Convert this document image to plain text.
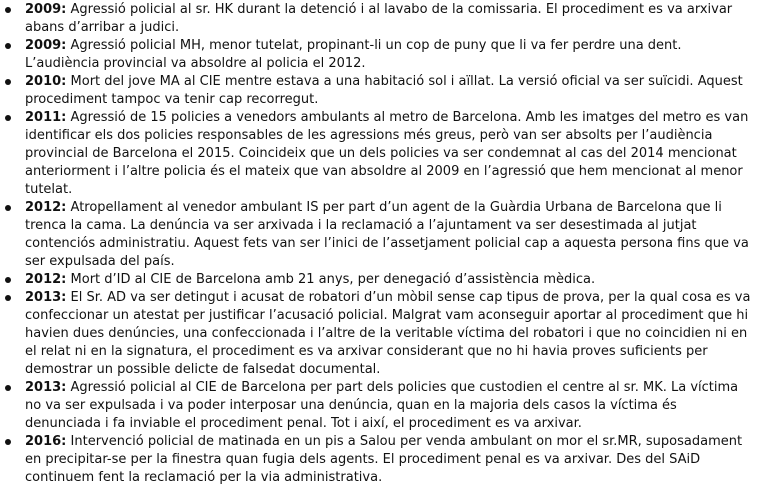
2009: Agressió policial al sr. HK durant la detenció i al lavabo de la comissaria. El procediment es va arxivar abans d’arribar a judici.
2009: Agressió policial MH, menor tutelat, propinant-li un cop de puny que li va fer perdre una dent. L’audiència provincial va absoldre al policia el 2012.
2010: Mort del jove MA al CIE mentre estava a una habitació sol i aïllat. La versió oficial va ser suïcidi. Aquest procediment tampoc va tenir cap recorregut.
2011: Agressió de 15 policies a venedors ambulants al metro de Barcelona. Amb les imatges del metro es van identificar els dos policies responsables de les agressions més greus, però van ser absolts per l’audiència provincial de Barcelona el 2015. Coincideix que un dels policies va ser condemnat al cas del 2014 mencionat anteriorment i l’altre policia és el mateix que van absoldre al 2009 en l’agressió que hem mencionat al menor tutelat.
2012: Atropellament al venedor ambulant IS per part d’un agent de la Guàrdia Urbana de Barcelona que li trenca la cama. La denúncia va ser arxivada i la reclamació a l’ajuntament va ser desestimada al jutjat contenciós administratiu. Aquest fets van ser l’inici de l’assetjament policial cap a aquesta persona fins que va ser expulsada del país.
2012: Mort d’ID al CIE de Barcelona amb 21 anys, per denegació d’assistència mèdica.
2013: El Sr. AD va ser detingut i acusat de robatori d’un mòbil sense cap tipus de prova, per la qual cosa es va confeccionar un atestat per justificar l’acusació policial. Malgrat vam aconseguir aportar al procediment que hi havien dues denúncies, una confeccionada i l’altre de la veritable víctima del robatori i que no coincidien ni en el relat ni en la signatura, el procediment es va arxivar considerant que no hi havia proves suficients per demostrar un possible delicte de falsedat documental.
2013: Agressió policial al CIE de Barcelona per part dels policies que custodien el centre al sr. MK. La víctima no va ser expulsada i va poder interposar una denúncia, quan en la majoria dels casos la víctima és denunciada i fa inviable el procediment penal. Tot i així, el procediment es va arxivar.
2016: Intervenció policial de matinada en un pis a Salou per venda ambulant on mor el sr.MR, suposadament en precipitar-se per la finestra quan fugia dels agents. El procediment penal es va arxivar. Des del SAiD continuem fent la reclamació per la via administrativa.
